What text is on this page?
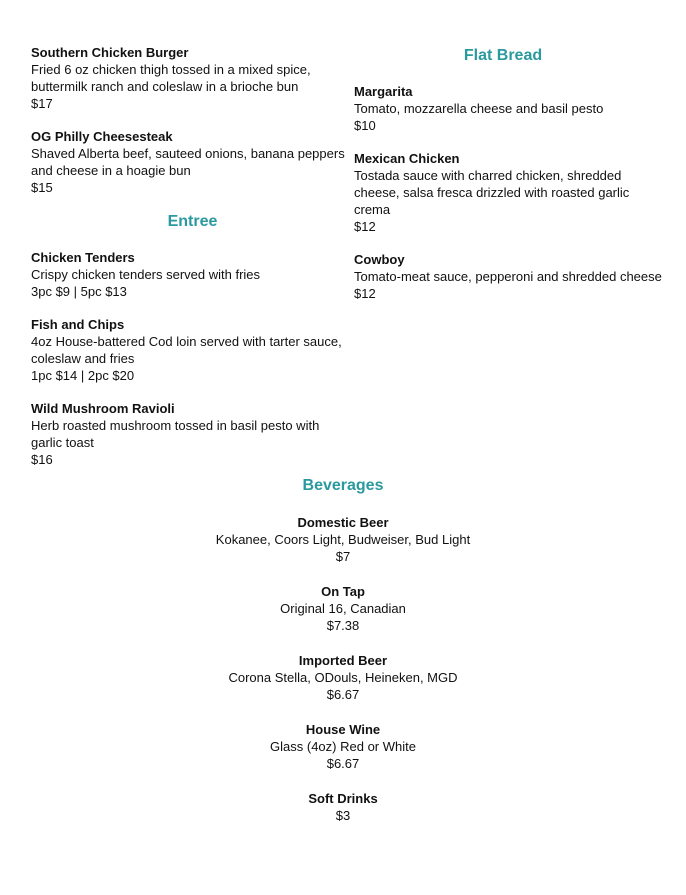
Southern Chicken Burger

Fried 6 oz chicken thigh tossed in a mixed spice, buttermilk ranch and coleslaw in a brioche bun

$17

OG Philly Cheesesteak

Shaved Alberta beef, sauteed onions, banana peppers and cheese in a hoagie bun

$15

Entree

Chicken Tenders

Crispy chicken tenders served with fries

3pc $9 | 5pc $13

Fish and Chips

4oz House-battered Cod loin served with tarter sauce, coleslaw and fries

1pc $14 | 2pc $20

Wild Mushroom Ravioli

Herb roasted mushroom tossed in basil pesto with garlic toast

$16

Flat Bread

Margarita

Tomato, mozzarella cheese and basil pesto

$10

Mexican Chicken

Tostada sauce with charred chicken, shredded cheese, salsa fresca drizzled with roasted garlic crema

$12

Cowboy

Tomato-meat sauce, pepperoni and shredded cheese

$12

Beverages

Domestic Beer

Kokanee, Coors Light, Budweiser, Bud Light

$7

On Tap

Original 16, Canadian

$7.38

Imported Beer

Corona Stella, ODouls, Heineken, MGD

$6.67

House Wine

Glass (4oz) Red or White

$6.67

Soft Drinks

$3
